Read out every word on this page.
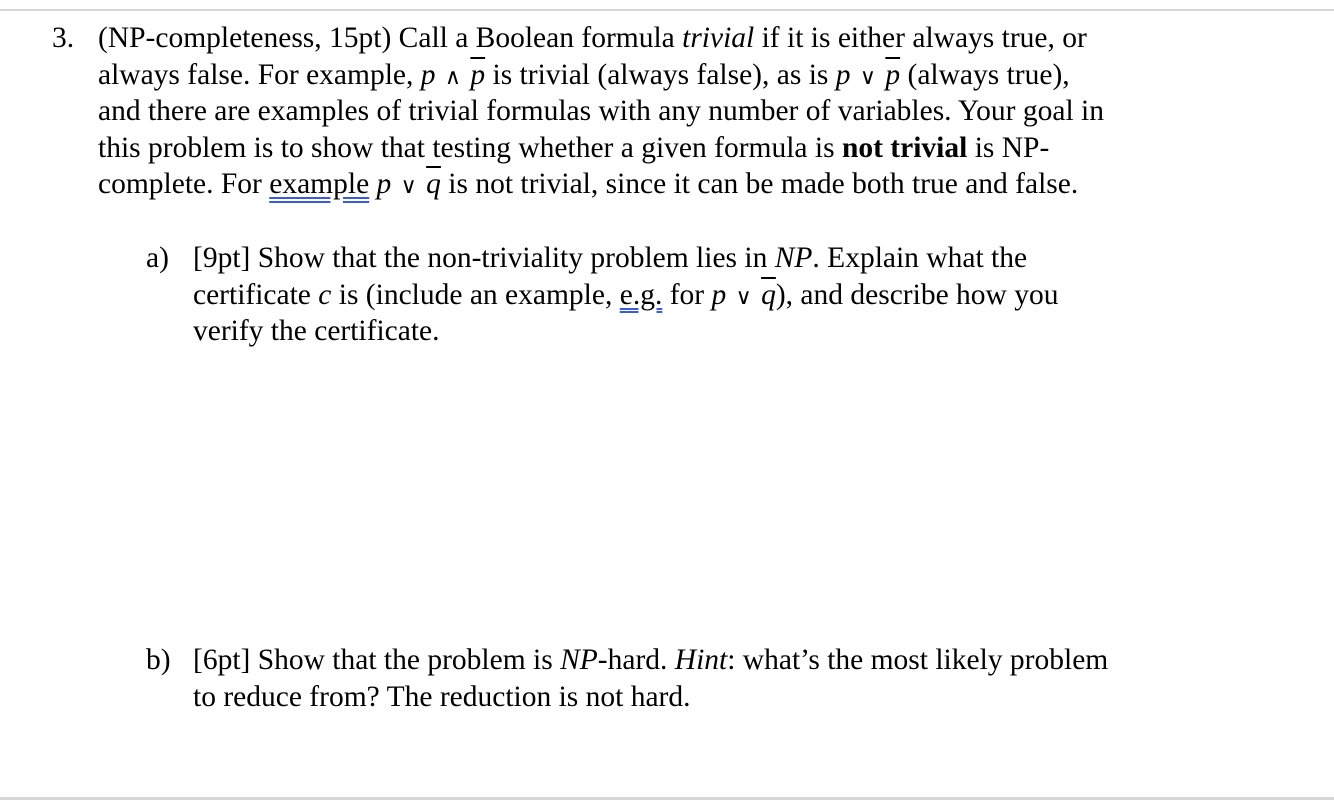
3. (NP-completeness, 15pt) Call a Boolean formula trivial if it is either always true, or
always false. For example, p ∧ $\overline{p}$ is trivial (always false), as is p ∨ $\overline{p}$ (always true),
and there are examples of trivial formulas with any number of variables. Your goal in
this problem is to show that testing whether a given formula is not trivial is NP-
complete. For example p ∨ $\overline{q}$ is not trivial, since it can be made both true and false.
a) [9pt] Show that the non-triviality problem lies in NP. Explain what the
certificate c is (include an example, e.g. for p ∨ $\overline{q}$), and describe how you
verify the certificate.
b) [6pt] Show that the problem is NP-hard. Hint: what’s the most likely problem
to reduce from? The reduction is not hard.
